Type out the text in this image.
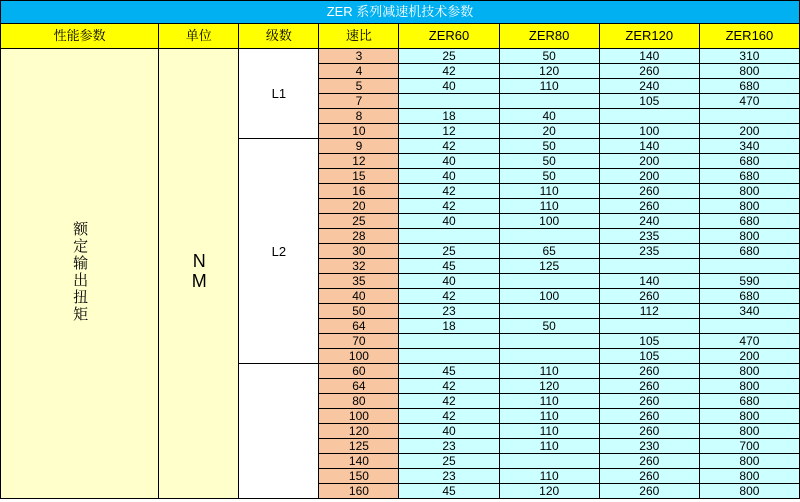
ZER 系列减速机技术参数							
性能参数	单位	级数	速比	ZER60	ZER80	ZER120	ZER160
额定输出扭矩	NM	L1	3	25	50	140	310
			4	42	120	260	800
			5	40	110	240	680
			7			105	470
			8	18	40		
			10	12	20	100	200
		L2	9	42	50	140	340
			12	40	50	200	680
			15	40	50	200	680
			16	42	110	260	800
			20	42	110	260	800
			25	40	100	240	680
			28			235	800
			30	25	65	235	680
			32	45	125		
			35	40		140	590
			40	42	100	260	680
			50	23		112	340
			64	18	50		
			70			105	470
			100			105	200
			60	45	110	260	800
			64	42	120	260	800
			80	42	110	260	680
			100	42	110	260	800
			120	40	110	260	800
			125	23	110	230	700
			140	25		260	800
			150	23	110	260	800
			160	45	120	260	800
